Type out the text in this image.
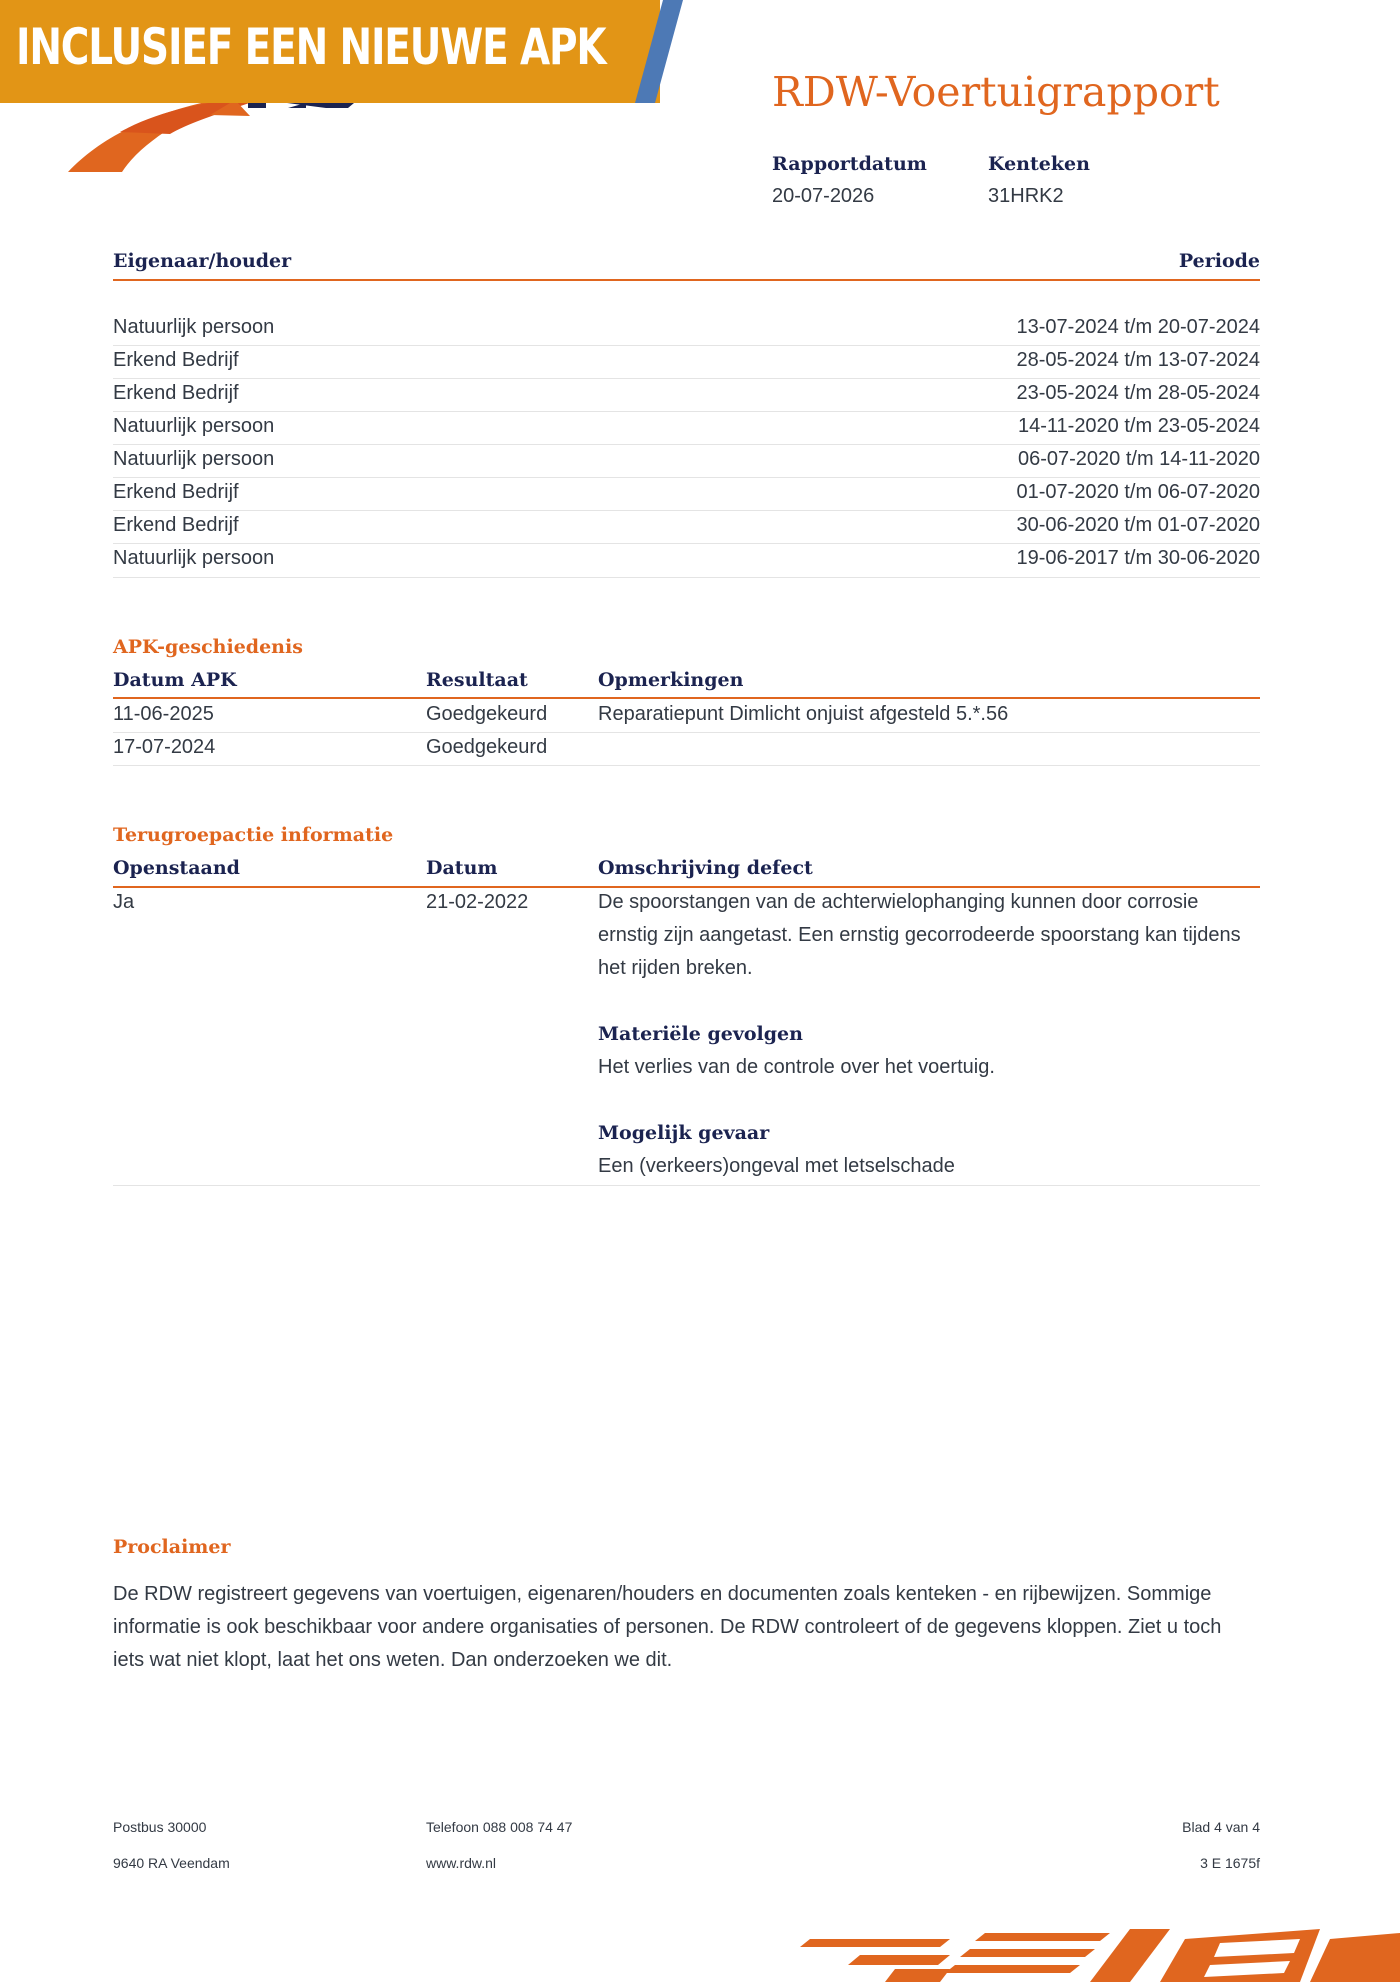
INCLUSIEF EEN NIEUWE APK
RDW-Voertuigrapport
Rapportdatum
20-07-2026
Kenteken
31HRK2
Eigenaar/houder	Periode
Natuurlijk persoon	13-07-2024 t/m 20-07-2024
Erkend Bedrijf	28-05-2024 t/m 13-07-2024
Erkend Bedrijf	23-05-2024 t/m 28-05-2024
Natuurlijk persoon	14-11-2020 t/m 23-05-2024
Natuurlijk persoon	06-07-2020 t/m 14-11-2020
Erkend Bedrijf	01-07-2020 t/m 06-07-2020
Erkend Bedrijf	30-06-2020 t/m 01-07-2020
Natuurlijk persoon	19-06-2017 t/m 30-06-2020
APK-geschiedenis
Datum APK	Resultaat	Opmerkingen
11-06-2025	Goedgekeurd	Reparatiepunt Dimlicht onjuist afgesteld 5.*.56
17-07-2024	Goedgekeurd
Terugroepactie informatie
Openstaand	Datum	Omschrijving defect
Ja	21-02-2022	De spoorstangen van de achterwielophanging kunnen door corrosie ernstig zijn aangetast. Een ernstig gecorrodeerde spoorstang kan tijdens het rijden breken.
Materiële gevolgen
Het verlies van de controle over het voertuig.
Mogelijk gevaar
Een (verkeers)ongeval met letselschade
Proclaimer
De RDW registreert gegevens van voertuigen, eigenaren/houders en documenten zoals kenteken - en rijbewijzen. Sommige informatie is ook beschikbaar voor andere organisaties of personen. De RDW controleert of de gegevens kloppen. Ziet u toch iets wat niet klopt, laat het ons weten. Dan onderzoeken we dit.
Postbus 30000
9640 RA Veendam
Telefoon 088 008 74 47
www.rdw.nl
Blad 4 van 4
3 E 1675f
